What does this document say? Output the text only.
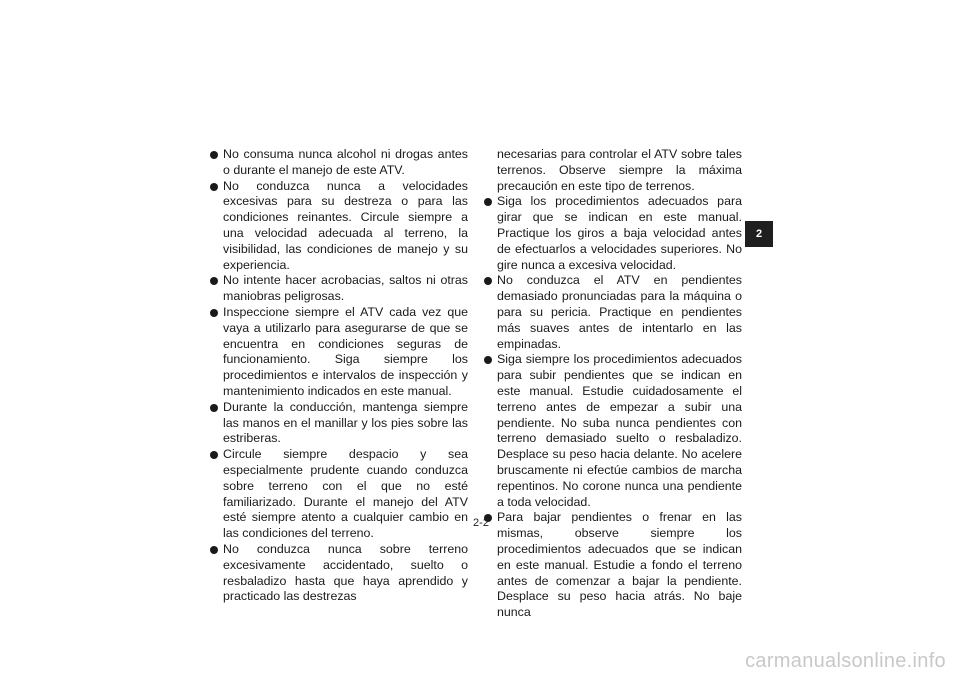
No consuma nunca alcohol ni drogas antes o durante el manejo de este ATV.

No conduzca nunca a velocidades excesivas para su destreza o para las condiciones reinantes. Circule siempre a una velocidad adecuada al terreno, la visibilidad, las condiciones de manejo y su experiencia.

No intente hacer acrobacias, saltos ni otras maniobras peligrosas.

Inspeccione siempre el ATV cada vez que vaya a utilizarlo para asegurarse de que se encuentra en condiciones seguras de funcionamiento. Siga siempre los procedimientos e intervalos de inspección y mantenimiento indicados en este manual.

Durante la conducción, mantenga siempre las manos en el manillar y los pies sobre las estriberas.

Circule siempre despacio y sea especialmente prudente cuando conduzca sobre terreno con el que no esté familiarizado. Durante el manejo del ATV esté siempre atento a cualquier cambio en las condiciones del terreno.

No conduzca nunca sobre terreno excesivamente accidentado, suelto o resbaladizo hasta que haya aprendido y practicado las destrezas

necesarias para controlar el ATV sobre tales terrenos. Observe siempre la máxima precaución en este tipo de terrenos.

Siga los procedimientos adecuados para girar que se indican en este manual. Practique los giros a baja velocidad antes de efectuarlos a velocidades superiores. No gire nunca a excesiva velocidad.

No conduzca el ATV en pendientes demasiado pronunciadas para la máquina o para su pericia. Practique en pendientes más suaves antes de intentarlo en las empinadas.

Siga siempre los procedimientos adecuados para subir pendientes que se indican en este manual. Estudie cuidadosamente el terreno antes de empezar a subir una pendiente. No suba nunca pendientes con terreno demasiado suelto o resbaladizo. Desplace su peso hacia delante. No acelere bruscamente ni efectúe cambios de marcha repentinos. No corone nunca una pendiente a toda velocidad.

Para bajar pendientes o frenar en las mismas, observe siempre los procedimientos adecuados que se indican en este manual. Estudie a fondo el terreno antes de comenzar a bajar la pendiente. Desplace su peso hacia atrás. No baje nunca

2
2-2
carmanualsonline.info
